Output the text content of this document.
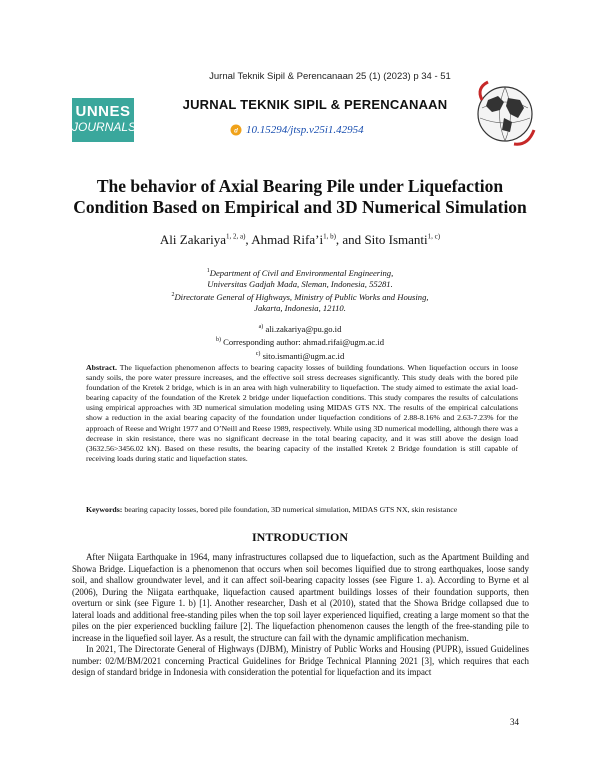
Jurnal Teknik Sipil & Perencanaan 25 (1) (2023) p 34 - 51
UNNES
JOURNALS
JURNAL TEKNIK SIPIL & PERENCANAAN
d 10.15294/jtsp.v25i1.42954
The behavior of Axial Bearing Pile under Liquefaction Condition Based on Empirical and 3D Numerical Simulation
Ali Zakariya$^{1, 2, a)}$, Ahmad $Rifa’i^{1, b)}$, and Sito Ismanti$^{1, c)}$
$^1$Department of Civil and Environmental Engineering,
Universitas Gadjah Mada, Sleman, Indonesia, 55281.
$^2$Directorate General of Highways, Ministry of Public Works and Housing,
Jakarta, Indonesia, 12110.
$^{a)}$ ali.zakariya@pu.go.id
$^{b)}$ Corresponding author: ahmad.rifai@ugm.ac.id
$^{c)}$ sito.ismanti@ugm.ac.id
Abstract. The liquefaction phenomenon affects to bearing capacity losses of building foundations. When liquefaction occurs in loose sandy soils, the pore water pressure increases, and the effective soil stress decreases significantly. This study deals with the bored pile foundation of the Kretek 2 bridge, which is in an area with high vulnerability to liquefaction. The study aimed to estimate the axial load-bearing capacity of the foundation of the Kretek 2 bridge under liquefaction conditions. This study compares the results of calculations using empirical approaches with 3D numerical simulation modeling using MIDAS GTS NX. The results of the empirical calculations show a reduction in the axial bearing capacity of the foundation under liquefaction conditions of 2.88-8.16% and 2.63-7.23% for the approach of Reese and Wright 1977 and O’Neill and Reese 1989, respectively. While using 3D numerical modelling, although there was a decrease in skin resistance, there was no significant decrease in the total bearing capacity, and it was still above the design load (3632.56>3456.02 kN). Based on these results, the bearing capacity of the installed Kretek 2 Bridge foundation is still capable of receiving loads during static and liquefaction states.
Keywords: bearing capacity losses, bored pile foundation, 3D numerical simulation, MIDAS GTS NX, skin resistance
INTRODUCTION

After Niigata Earthquake in 1964, many infrastructures collapsed due to liquefaction, such as the Apartment Building and Showa Bridge. Liquefaction is a phenomenon that occurs when soil becomes liquified due to strong earthquakes, loose sandy soil, and shallow groundwater level, and it can affect soil-bearing capacity losses (see Figure 1. a). According to Byrne et al (2006), During the Niigata earthquake, liquefaction caused apartment buildings losses of their foundation supports, then overturn or sink (see Figure 1. b) [1]. Another researcher, Dash et al (2010), stated that the Showa Bridge collapsed due to lateral loads and additional free-standing piles when the top soil layer experienced liquified, creating a large moment so that the piles on the pier experienced buckling failure [2]. The liquefaction phenomenon causes the length of the free-standing pile to increase in the liquefied soil layer. As a result, the structure can fail with the dynamic amplification mechanism.

In 2021, The Directorate General of Highways (DJBM), Ministry of Public Works and Housing (PUPR), issued Guidelines number: 02/M/BM/2021 concerning Practical Guidelines for Bridge Technical Planning 2021 [3], which requires that each design of standard bridge in Indonesia with consideration the potential for liquefaction and its impact

34
